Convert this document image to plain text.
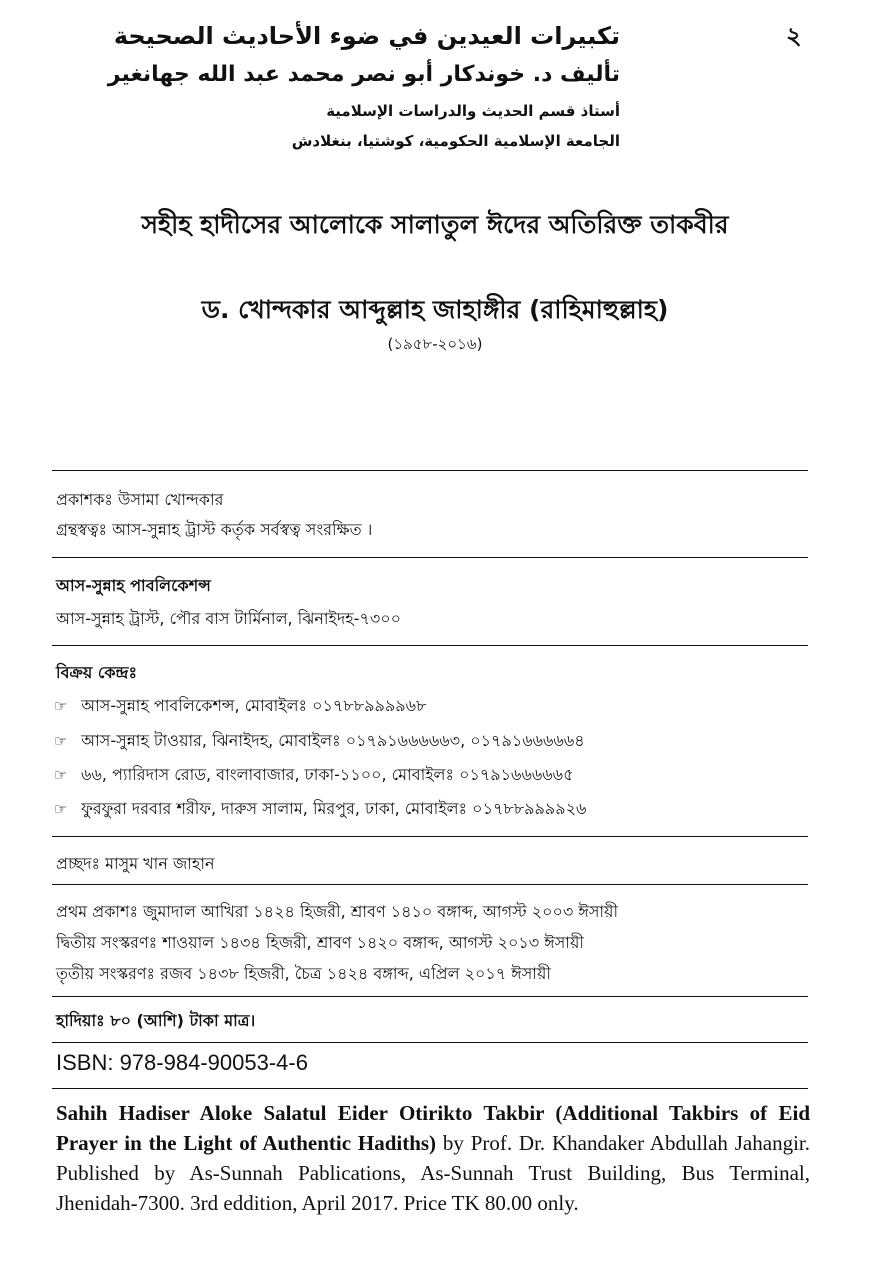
২
تكبيرات العيدين في ضوء الأحاديث الصحيحة
تأليف د. خوندكار أبو نصر محمد عبد الله جهانغير
أستاذ قسم الحديث والدراسات الإسلامية
الجامعة الإسلامية الحكومية، كوشتيا، بنغلادش
সহীহ হাদীসের আলোকে সালাতুল ঈদের অতিরিক্ত তাকবীর
ড. খোন্দকার আব্দুল্লাহ জাহাঙ্গীর (রাহিমাহুল্লাহ)
(১৯৫৮-২০১৬)
প্রকাশকঃ উসামা খোন্দকার
গ্রন্থস্বত্বঃ আস-সুন্নাহ ট্রাস্ট কর্তৃক সর্বস্বত্ব সংরক্ষিত ।
আস-সুন্নাহ পাবলিকেশন্স
আস-সুন্নাহ ট্রাস্ট, পৌর বাস টার্মিনাল, ঝিনাইদহ-৭৩০০
বিক্রয় কেন্দ্রঃ
☞ আস-সুন্নাহ পাবলিকেশন্স, মোবাইলঃ ০১৭৮৮৯৯৯৯৬৮
☞ আস-সুন্নাহ টাওয়ার, ঝিনাইদহ, মোবাইলঃ ০১৭৯১৬৬৬৬৬৩, ০১৭৯১৬৬৬৬৬৪
☞ ৬৬, প্যারিদাস রোড, বাংলাবাজার, ঢাকা-১১০০, মোবাইলঃ ০১৭৯১৬৬৬৬৬৫
☞ ফুরফুরা দরবার শরীফ, দারুস সালাম, মিরপুর, ঢাকা, মোবাইলঃ ০১৭৮৮৯৯৯৯২৬
প্রচ্ছদঃ মাসুম খান জাহান
প্রথম প্রকাশঃ জুমাদাল আখিরা ১৪২৪ হিজরী, শ্রাবণ ১৪১০ বঙ্গাব্দ, আগস্ট ২০০৩ ঈসায়ী
দ্বিতীয় সংস্করণঃ শাওয়াল ১৪৩৪ হিজরী, শ্রাবণ ১৪২০ বঙ্গাব্দ, আগস্ট ২০১৩ ঈসায়ী
তৃতীয় সংস্করণঃ রজব ১৪৩৮ হিজরী, চৈত্র ১৪২৪ বঙ্গাব্দ, এপ্রিল ২০১৭ ঈসায়ী
হাদিয়াঃ ৮০ (আশি) টাকা মাত্র।
ISBN: 978-984-90053-4-6
Sahih Hadiser Aloke Salatul Eider Otirikto Takbir (Additional Takbirs of Eid Prayer in the Light of Authentic Hadiths) by Prof. Dr. Khandaker Abdullah Jahangir. Published by As-Sunnah Pablications, As-Sunnah Trust Building, Bus Terminal, Jhenidah-7300. 3rd eddition, April 2017. Price TK 80.00 only.
